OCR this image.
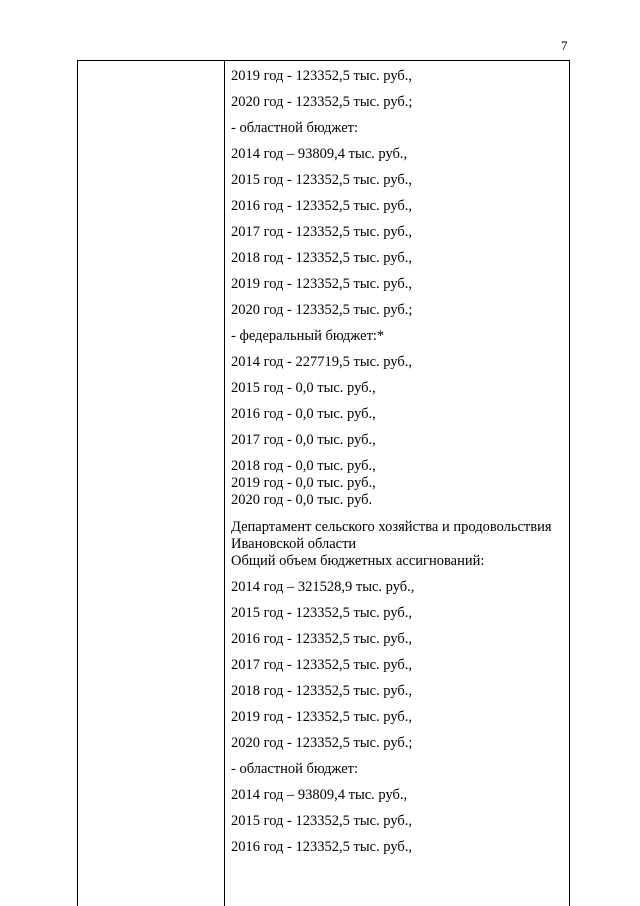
7
2019 год - 123352,5 тыс. руб.,
2020 год - 123352,5 тыс. руб.;
- областной бюджет:
2014 год – 93809,4 тыс. руб.,
2015 год - 123352,5 тыс. руб.,
2016 год - 123352,5 тыс. руб.,
2017 год - 123352,5 тыс. руб.,
2018 год - 123352,5 тыс. руб.,
2019 год - 123352,5 тыс. руб.,
2020 год - 123352,5 тыс. руб.;
- федеральный бюджет:*
2014 год - 227719,5 тыс. руб.,
2015 год - 0,0 тыс. руб.,
2016 год - 0,0 тыс. руб.,
2017 год - 0,0 тыс. руб.,
2018 год - 0,0 тыс. руб.,
2019 год - 0,0 тыс. руб.,
2020 год - 0,0 тыс. руб.
Департамент сельского хозяйства и продовольствия
Ивановской области
Общий объем бюджетных ассигнований:
2014 год – 321528,9 тыс. руб.,
2015 год - 123352,5 тыс. руб.,
2016 год - 123352,5 тыс. руб.,
2017 год - 123352,5 тыс. руб.,
2018 год - 123352,5 тыс. руб.,
2019 год - 123352,5 тыс. руб.,
2020 год - 123352,5 тыс. руб.;
- областной бюджет:
2014 год – 93809,4 тыс. руб.,
2015 год - 123352,5 тыс. руб.,
2016 год - 123352,5 тыс. руб.,
